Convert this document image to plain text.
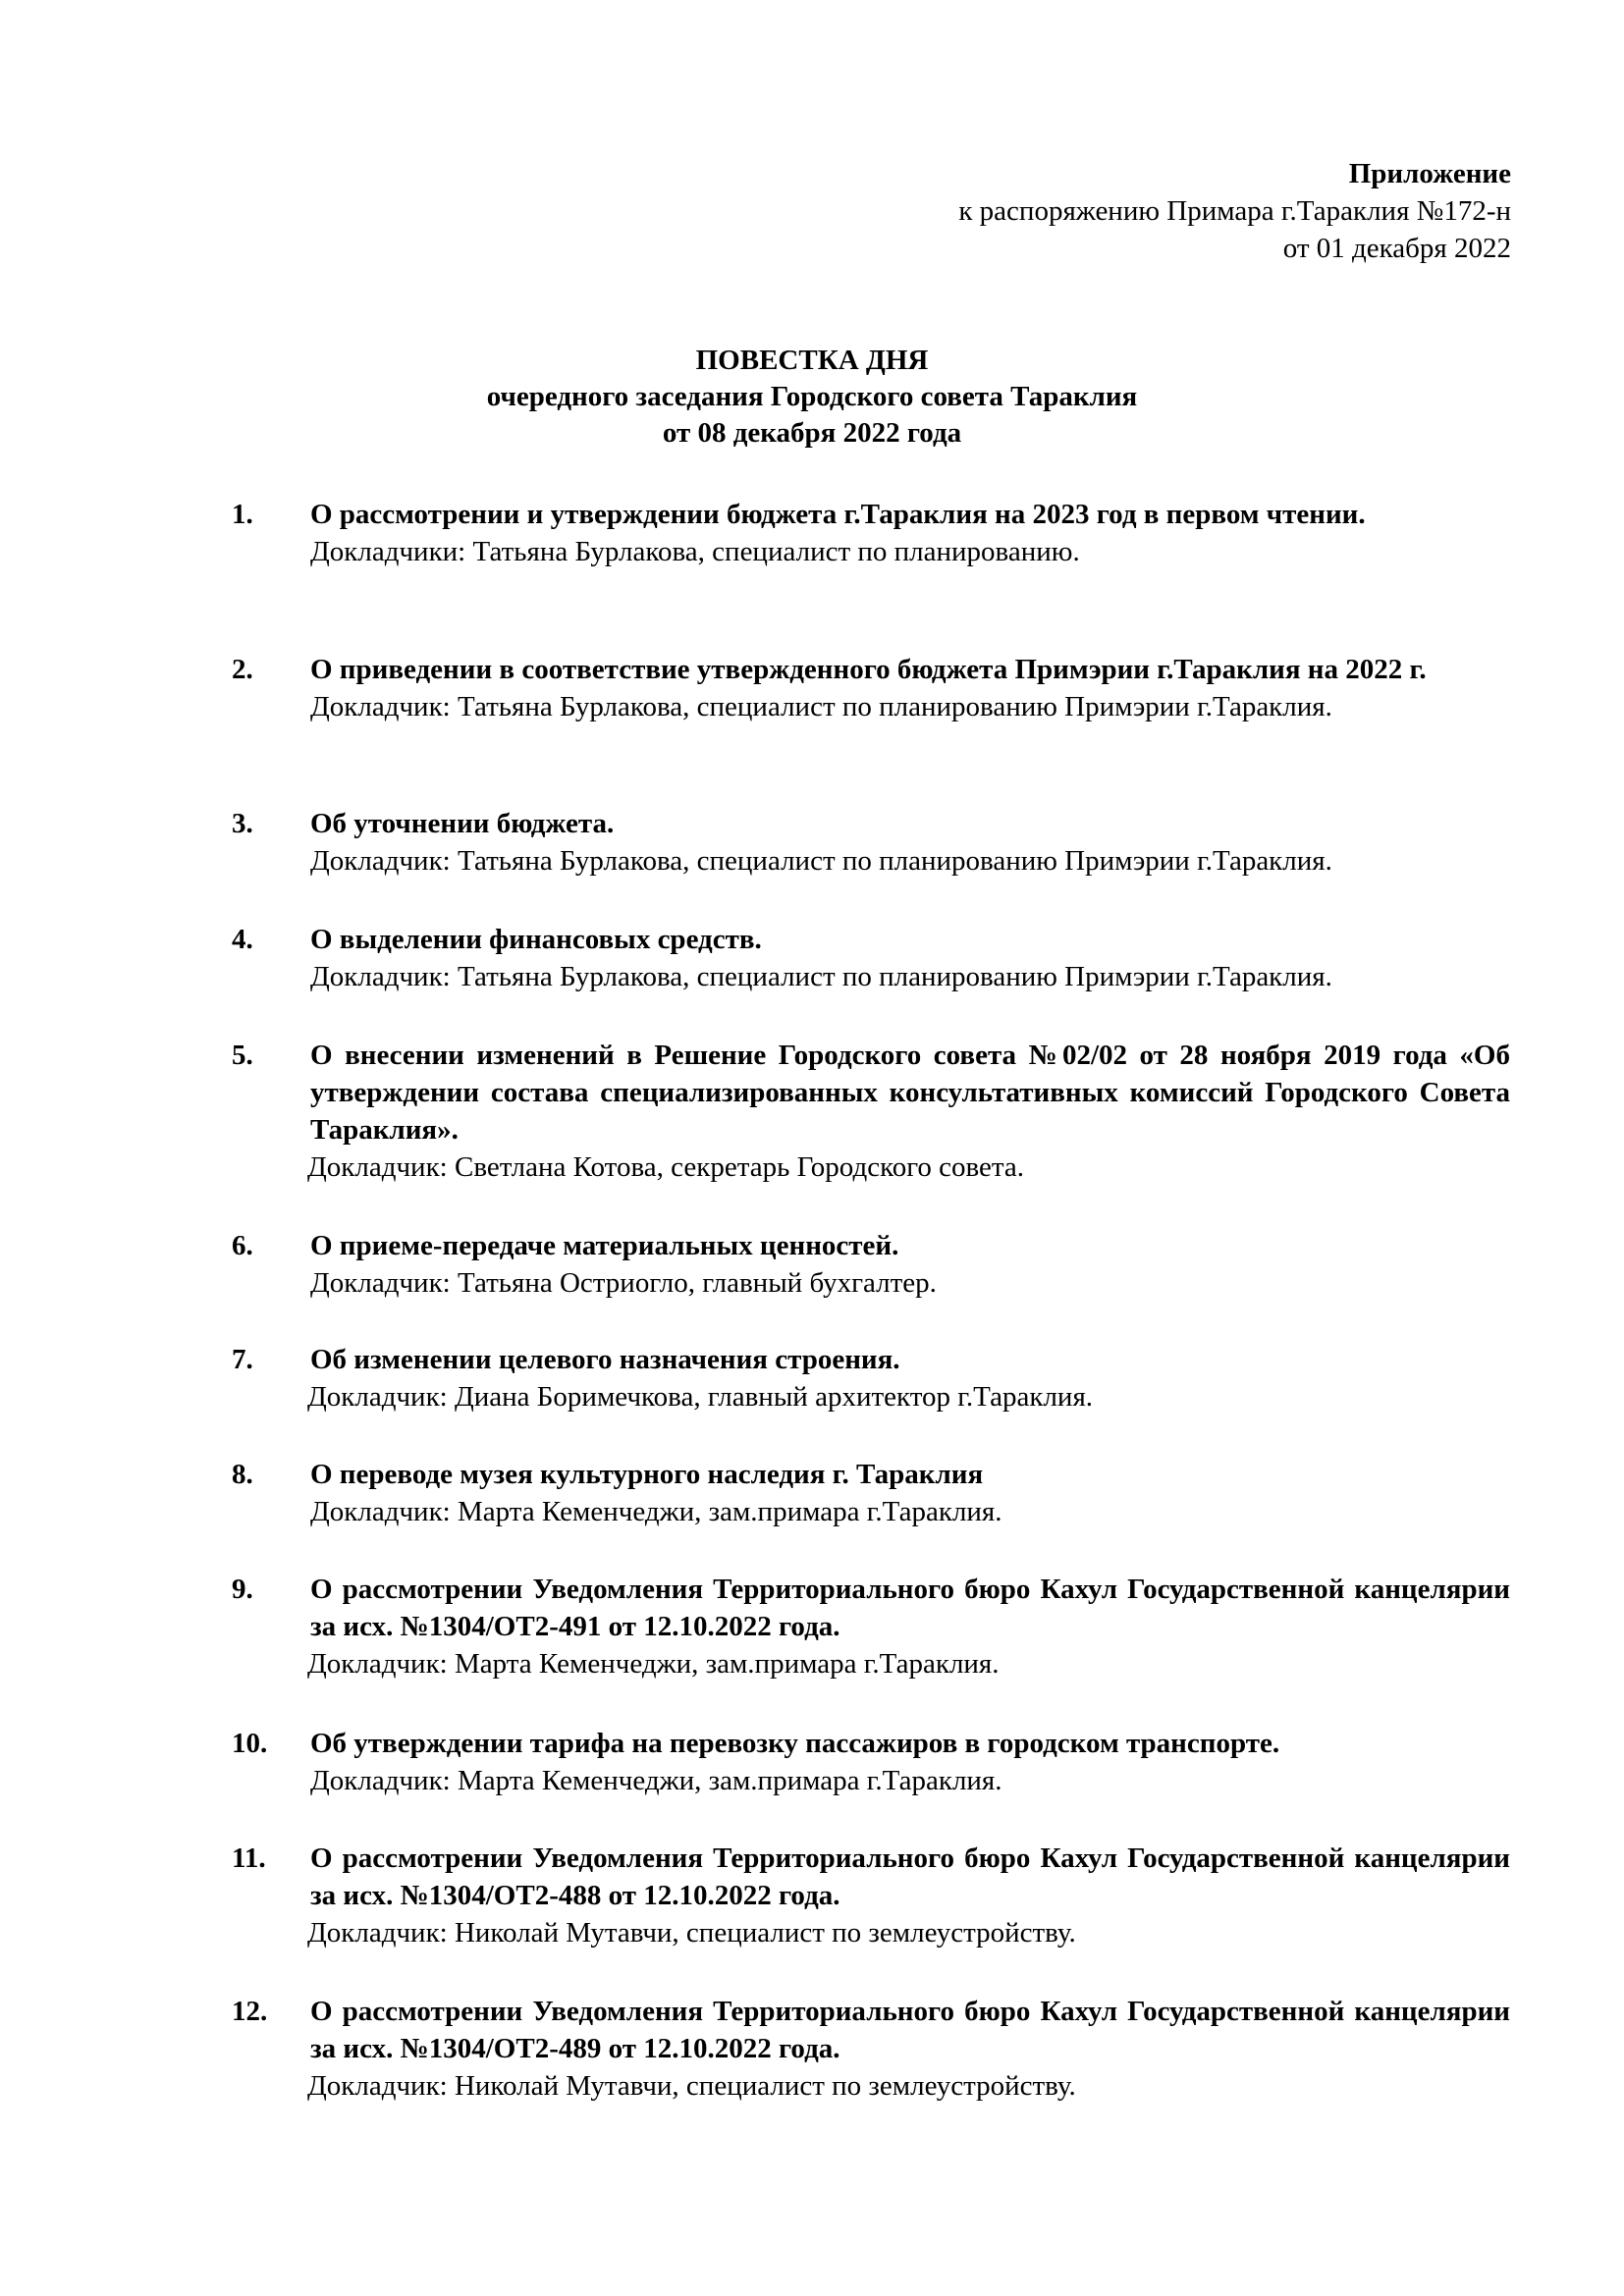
Приложение
к распоряжению Примара г.Тараклия №172-н
от 01 декабря 2022
ПОВЕСТКА ДНЯ
очередного заседания Городского совета Тараклия
от 08 декабря 2022 года
1. О рассмотрении и утверждении бюджета г.Тараклия на 2023 год в первом чтении.
Докладчики: Татьяна Бурлакова, специалист по планированию.
2. О приведении в соответствие утвержденного бюджета Примэрии г.Тараклия на 2022 г.
Докладчик: Татьяна Бурлакова, специалист по планированию Примэрии г.Тараклия.
3. Об уточнении бюджета.
Докладчик: Татьяна Бурлакова, специалист по планированию Примэрии г.Тараклия.
4. О выделении финансовых средств.
Докладчик: Татьяна Бурлакова, специалист по планированию Примэрии г.Тараклия.
5. О внесении изменений в Решение Городского совета №02/02 от 28 ноября 2019 года «Об утверждении состава специализированных консультативных комиссий Городского Совета Тараклия».
Докладчик: Светлана Котова, секретарь Городского совета.
6. О приеме-передаче материальных ценностей.
Докладчик: Татьяна Остриогло, главный бухгалтер.
7. Об изменении целевого назначения строения.
Докладчик: Диана Боримечкова, главный архитектор г.Тараклия.
8. О переводе музея культурного наследия г. Тараклия
Докладчик: Марта Кеменчеджи, зам.примара г.Тараклия.
9. О рассмотрении Уведомления Территориального бюро Кахул Государственной канцелярии за исх. №1304/ОТ2-491 от 12.10.2022 года.
Докладчик: Марта Кеменчеджи, зам.примара г.Тараклия.
10. Об утверждении тарифа на перевозку пассажиров в городском транспорте.
Докладчик: Марта Кеменчеджи, зам.примара г.Тараклия.
11. О рассмотрении Уведомления Территориального бюро Кахул Государственной канцелярии за исх. №1304/ОТ2-488 от 12.10.2022 года.
Докладчик: Николай Мутавчи, специалист по землеустройству.
12. О рассмотрении Уведомления Территориального бюро Кахул Государственной канцелярии за исх. №1304/ОТ2-489 от 12.10.2022 года.
Докладчик: Николай Мутавчи, специалист по землеустройству.
